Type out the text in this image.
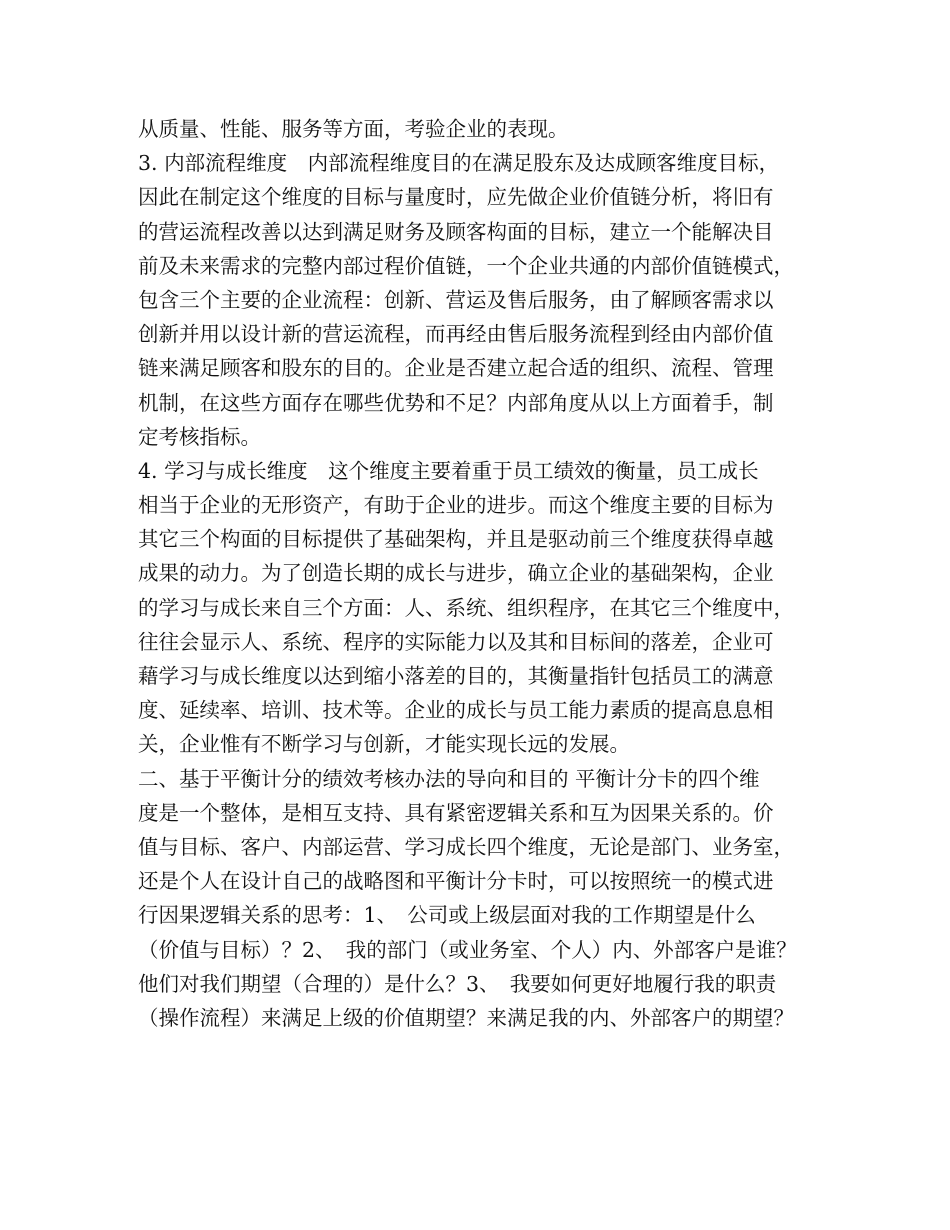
从质量、性能、服务等方面，考验企业的表现。
3. 内部流程维度　内部流程维度目的在满足股东及达成顾客维度目标，
因此在制定这个维度的目标与量度时，应先做企业价值链分析，将旧有
的营运流程改善以达到满足财务及顾客构面的目标，建立一个能解决目
前及未来需求的完整内部过程价值链，一个企业共通的内部价值链模式，
包含三个主要的企业流程：创新、营运及售后服务，由了解顾客需求以
创新并用以设计新的营运流程，而再经由售后服务流程到经由内部价值
链来满足顾客和股东的目的。企业是否建立起合适的组织、流程、管理
机制，在这些方面存在哪些优势和不足？内部角度从以上方面着手，制
定考核指标。
4. 学习与成长维度　这个维度主要着重于员工绩效的衡量，员工成长
相当于企业的无形资产，有助于企业的进步。而这个维度主要的目标为
其它三个构面的目标提供了基础架构，并且是驱动前三个维度获得卓越
成果的动力。为了创造长期的成长与进步，确立企业的基础架构，企业
的学习与成长来自三个方面：人、系统、组织程序，在其它三个维度中，
往往会显示人、系统、程序的实际能力以及其和目标间的落差，企业可
藉学习与成长维度以达到缩小落差的目的，其衡量指针包括员工的满意
度、延续率、培训、技术等。企业的成长与员工能力素质的提高息息相
关，企业惟有不断学习与创新，才能实现长远的发展。
二、基于平衡计分的绩效考核办法的导向和目的 平衡计分卡的四个维
度是一个整体，是相互支持、具有紧密逻辑关系和互为因果关系的。价
值与目标、客户、内部运营、学习成长四个维度，无论是部门、业务室，
还是个人在设计自己的战略图和平衡计分卡时，可以按照统一的模式进
行因果逻辑关系的思考：1、　公司或上级层面对我的工作期望是什么
（价值与目标）？2、　我的部门（或业务室、个人）内、外部客户是谁？
他们对我们期望（合理的）是什么？3、　我要如何更好地履行我的职责
（操作流程）来满足上级的价值期望？来满足我的内、外部客户的期望？
